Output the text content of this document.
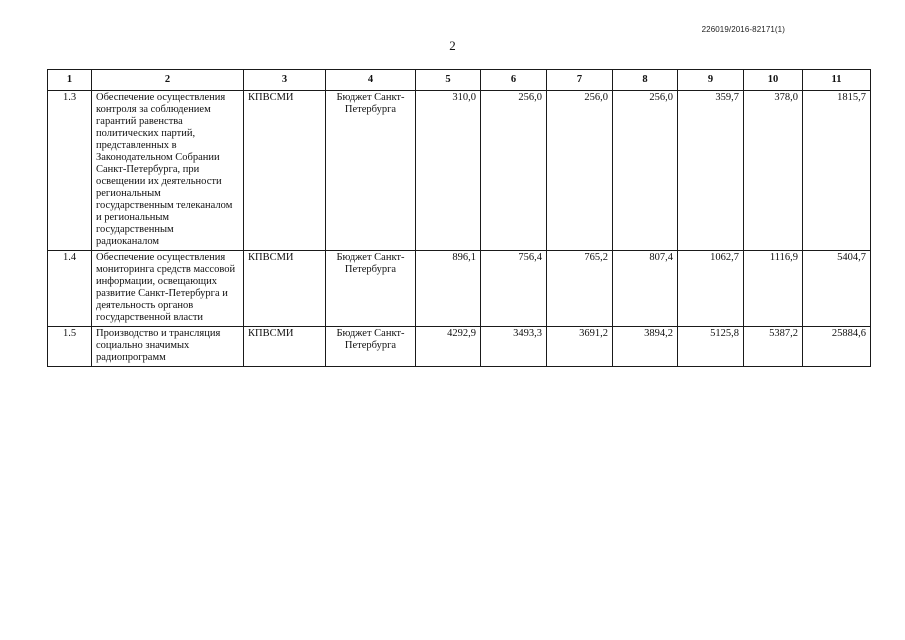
226019/2016-82171(1)
2
1	2	3	4	5	6	7	8	9	10	11
1.3	Обеспечение осуществления контроля за соблюдением гарантий равенства политических партий, представленных в Законодательном Собрании Санкт-Петербурга, при освещении их деятельности региональным государственным телеканалом и региональным государственным радиоканалом	КПВСМИ	Бюджет Санкт-Петербурга	310,0	256,0	256,0	256,0	359,7	378,0	1815,7
1.4	Обеспечение осуществления мониторинга средств массовой информации, освещающих развитие Санкт-Петербурга и деятельность органов государственной власти	КПВСМИ	Бюджет Санкт-Петербурга	896,1	756,4	765,2	807,4	1062,7	1116,9	5404,7
1.5	Производство и трансляция социально значимых радиопрограмм	КПВСМИ	Бюджет Санкт-Петербурга	4292,9	3493,3	3691,2	3894,2	5125,8	5387,2	25884,6
